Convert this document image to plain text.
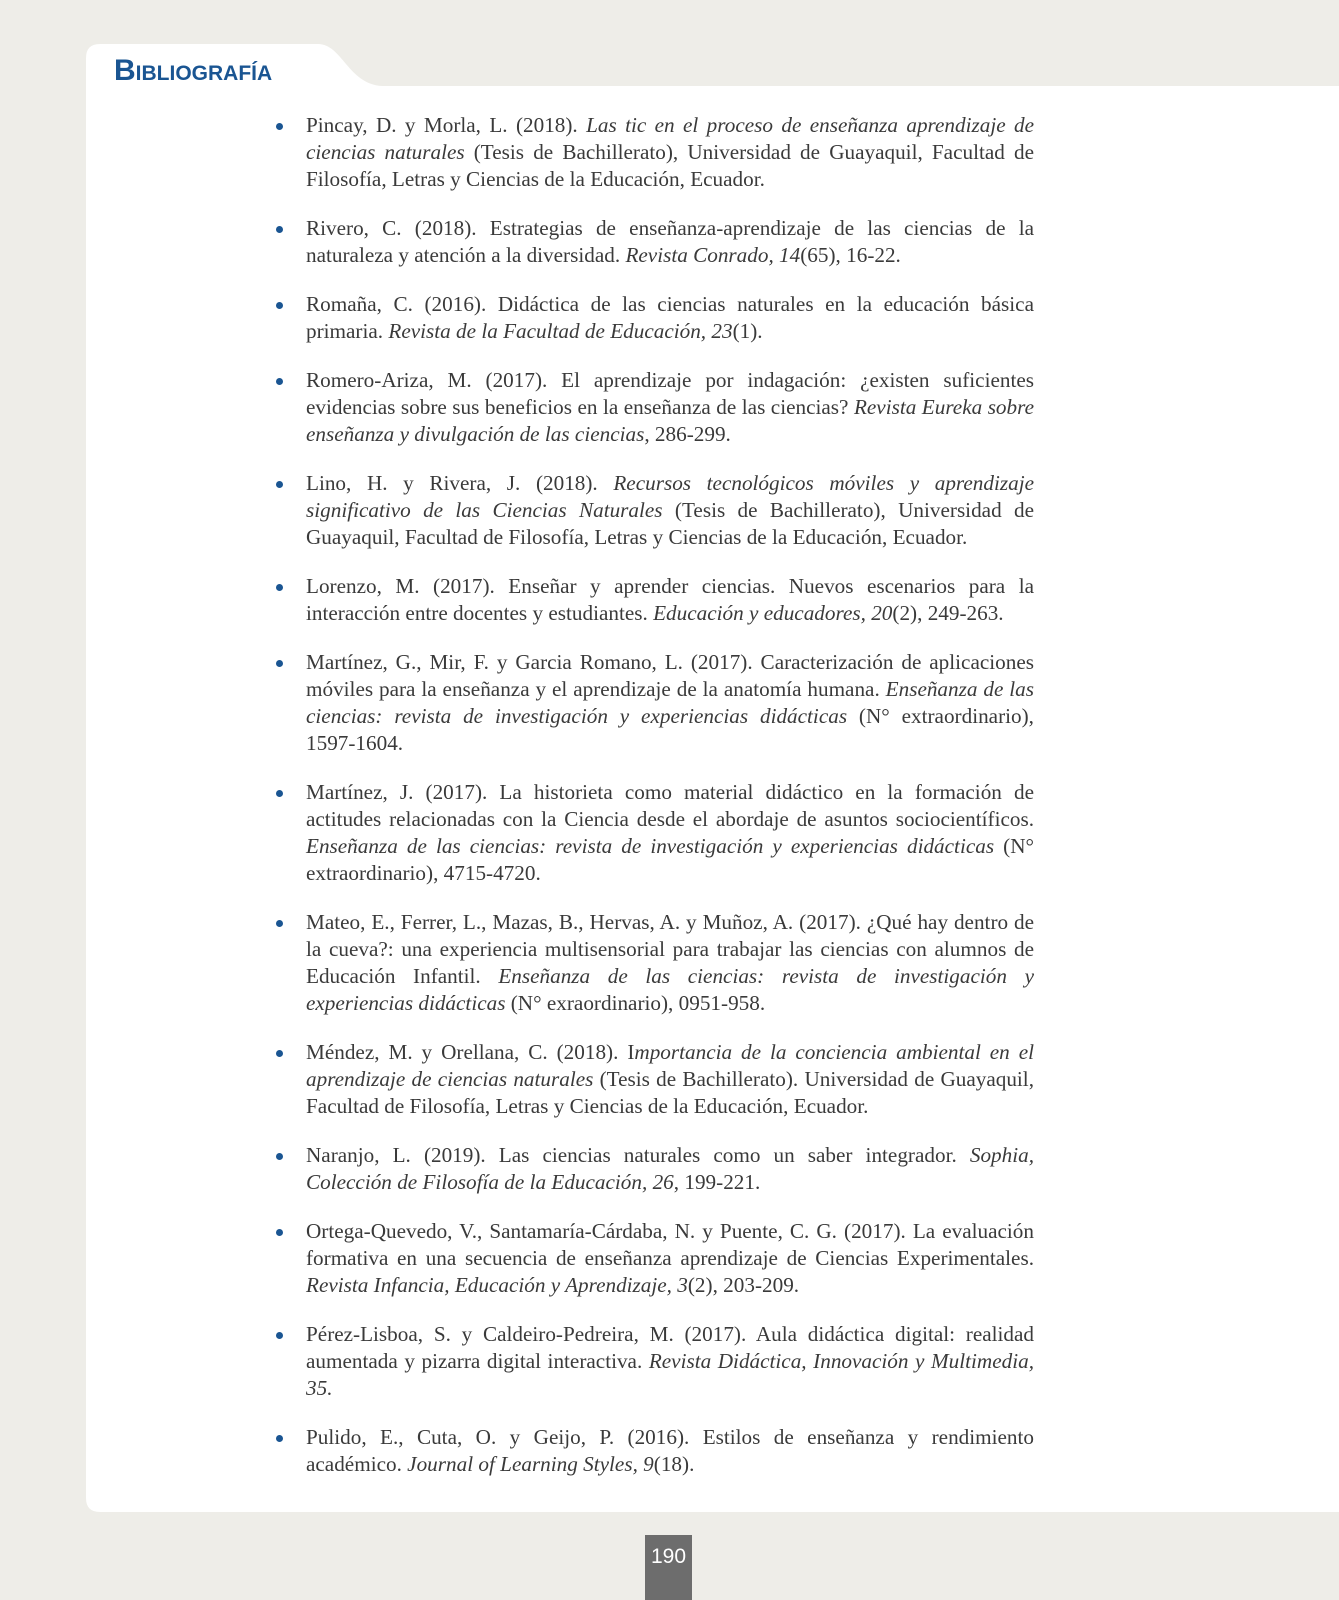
Bibliografía
Pincay, D. y Morla, L. (2018). Las tic en el proceso de enseñanza aprendizaje de ciencias naturales (Tesis de Bachillerato), Universidad de Guayaquil, Facultad de Filosofía, Letras y Ciencias de la Educación, Ecuador.
Rivero, C. (2018). Estrategias de enseñanza-aprendizaje de las ciencias de la naturaleza y atención a la diversidad. Revista Conrado, 14(65), 16-22.
Romaña, C. (2016). Didáctica de las ciencias naturales en la educación básica primaria. Revista de la Facultad de Educación, 23(1).
Romero-Ariza, M. (2017). El aprendizaje por indagación: ¿existen suficientes evidencias sobre sus beneficios en la enseñanza de las ciencias? Revista Eureka sobre enseñanza y divulgación de las ciencias, 286-299.
Lino, H. y Rivera, J. (2018). Recursos tecnológicos móviles y aprendizaje significativo de las Ciencias Naturales (Tesis de Bachillerato), Universidad de Guayaquil, Facultad de Filosofía, Letras y Ciencias de la Educación, Ecuador.
Lorenzo, M. (2017). Enseñar y aprender ciencias. Nuevos escenarios para la interacción entre docentes y estudiantes. Educación y educadores, 20(2), 249-263.
Martínez, G., Mir, F. y Garcia Romano, L. (2017). Caracterización de aplicaciones móviles para la enseñanza y el aprendizaje de la anatomía humana. Enseñanza de las ciencias: revista de investigación y experiencias didácticas (N° extraordinario), 1597-1604.
Martínez, J. (2017). La historieta como material didáctico en la formación de actitudes relacionadas con la Ciencia desde el abordaje de asuntos sociocientíficos. Enseñanza de las ciencias: revista de investigación y experiencias didácticas (N° extraordinario), 4715-4720.
Mateo, E., Ferrer, L., Mazas, B., Hervas, A. y Muñoz, A. (2017). ¿Qué hay dentro de la cueva?: una experiencia multisensorial para trabajar las ciencias con alumnos de Educación Infantil. Enseñanza de las ciencias: revista de investigación y experiencias didácticas (N° exraordinario), 0951-958.
Méndez, M. y Orellana, C. (2018). Importancia de la conciencia ambiental en el aprendizaje de ciencias naturales (Tesis de Bachillerato). Universidad de Guayaquil, Facultad de Filosofía, Letras y Ciencias de la Educación, Ecuador.
Naranjo, L. (2019). Las ciencias naturales como un saber integrador. Sophia, Colección de Filosofía de la Educación, 26, 199-221.
Ortega-Quevedo, V., Santamaría-Cárdaba, N. y Puente, C. G. (2017). La evaluación formativa en una secuencia de enseñanza aprendizaje de Ciencias Experimentales. Revista Infancia, Educación y Aprendizaje, 3(2), 203-209.
Pérez-Lisboa, S. y Caldeiro-Pedreira, M. (2017). Aula didáctica digital: realidad aumentada y pizarra digital interactiva. Revista Didáctica, Innovación y Multimedia, 35.
Pulido, E., Cuta, O. y Geijo, P. (2016). Estilos de enseñanza y rendimiento académico. Journal of Learning Styles, 9(18).
190
